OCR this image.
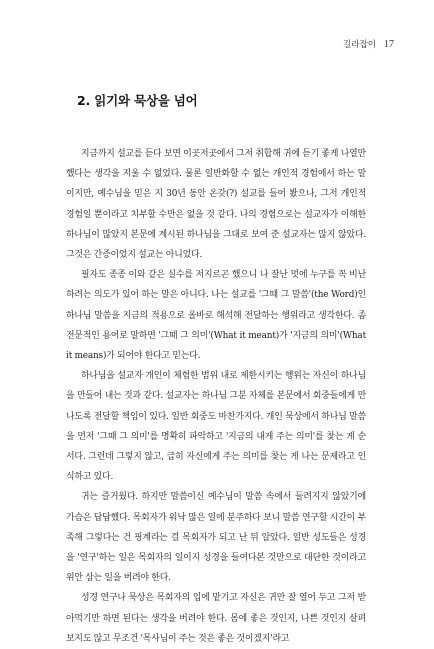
길라잡이 17
2. 읽기와 묵상을 넘어

지금까지 설교를 듣다 보면 이곳저곳에서 그저 취합해 귀에 듣기 좋게 나열만 했다는 생각을 지울 수 없었다. 물론 일반화할 수 없는 개인적 경험에서 하는 말이지만, 예수님을 믿은 지 30년 동안 온갖(?) 설교를 들어 봤으나, 그저 개인적 경험일 뿐이라고 치부할 수만은 없을 것 같다. 나의 경험으로는 설교자가 이해한 하나님이 많았지 본문에 계시된 하나님을 그대로 보여 준 설교자는 많지 않았다. 그것은 간증이었지 설교는 아니었다.

필자도 종종 이와 같은 실수를 저지르곤 했으니 나 잘난 멋에 누구를 꼭 비난하려는 의도가 있어 하는 말은 아니다. 나는 설교를 '그때 그 말씀'(the Word)인 하나님 말씀을 지금의 적용으로 올바로 해석해 전달하는 행위라고 생각한다. 좀 전문적인 용어로 말하면 '그때 그 의미'(What it meant)가 '지금의 의미'(What it means)가 되어야 한다고 믿는다.

하나님을 설교자 개인이 체험한 범위 내로 제한시키는 행위는 자신이 하나님을 만들어 내는 것과 같다. 설교자는 하나님 그분 자체를 본문에서 회중들에게 만나도록 전달할 책임이 있다. 일반 회중도 마찬가지다. 개인 묵상에서 하나님 말씀을 먼저 '그때 그 의미'를 명확히 파악하고 '지금의 내게 주는 의미'를 찾는 게 순서다. 그런데 그렇지 않고, 급히 자신에게 주는 의미를 찾는 게 나는 문제라고 인식하고 있다.

귀는 즐거웠다. 하지만 말씀이신 예수님이 말씀 속에서 들려지지 않았기에 가슴은 답답했다. 목회자가 워낙 많은 일에 분주하다 보니 말씀 연구할 시간이 부족해 그렇다는 건 핑계라는 걸 목회자가 되고 난 뒤 알았다. 일반 성도들은 성경을 '연구'하는 일은 목회자의 일이지 성경을 들여다본 것만으로 대단한 것이라고 위안 삼는 일을 버려야 한다.

성경 연구나 묵상은 목회자의 입에 맡기고 자신은 귀만 잘 열어 두고 그저 받아먹기만 하면 된다는 생각을 버려야 한다. 몸에 좋은 것인지, 나쁜 것인지 살펴보지도 않고 무조건 '목사님이 주는 것은 좋은 것이겠지'라고
